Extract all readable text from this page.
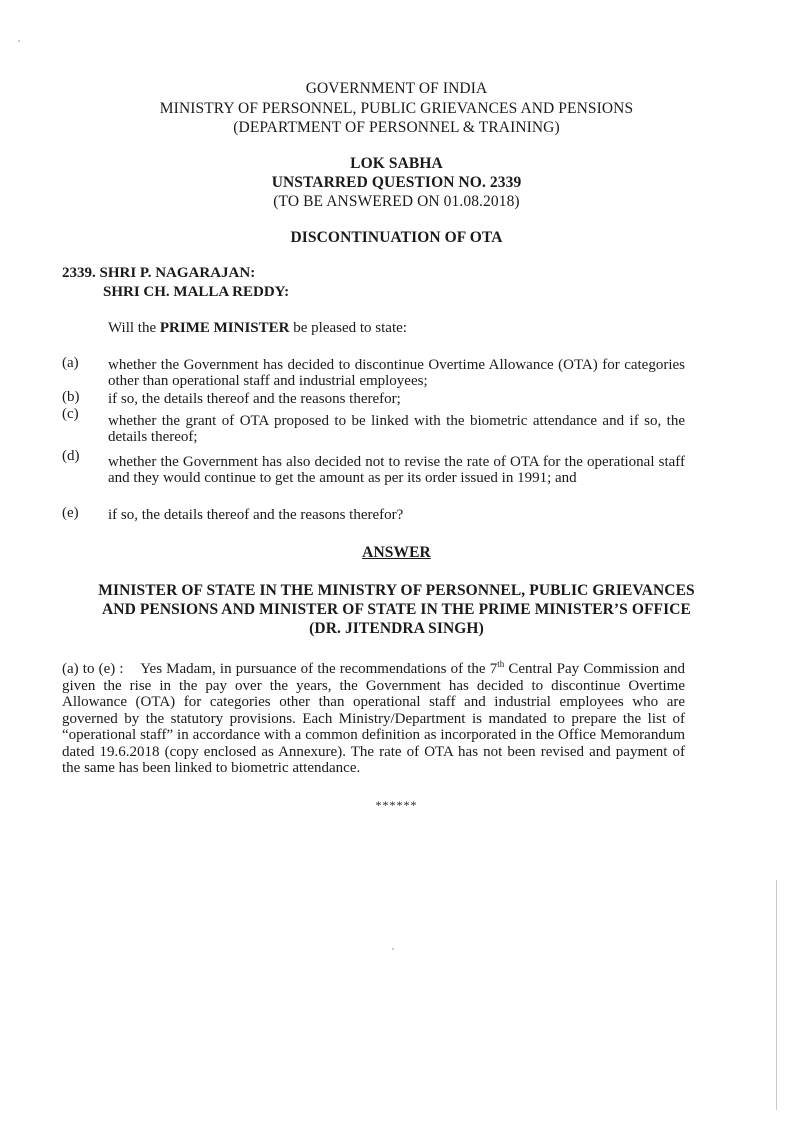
GOVERNMENT OF INDIA
MINISTRY OF PERSONNEL, PUBLIC GRIEVANCES AND PENSIONS
(DEPARTMENT OF PERSONNEL & TRAINING)
LOK SABHA
UNSTARRED QUESTION NO. 2339
(TO BE ANSWERED ON 01.08.2018)
DISCONTINUATION OF OTA
2339. SHRI P. NAGARAJAN:
SHRI CH. MALLA REDDY:
Will the PRIME MINISTER be pleased to state:
(a) whether the Government has decided to discontinue Overtime Allowance (OTA) for categories other than operational staff and industrial employees;
(b) if so, the details thereof and the reasons therefor;
(c) whether the grant of OTA proposed to be linked with the biometric attendance and if so, the details thereof;
(d) whether the Government has also decided not to revise the rate of OTA for the operational staff and they would continue to get the amount as per its order issued in 1991; and
(e) if so, the details thereof and the reasons therefor?
ANSWER
MINISTER OF STATE IN THE MINISTRY OF PERSONNEL, PUBLIC GRIEVANCES
AND PENSIONS AND MINISTER OF STATE IN THE PRIME MINISTER’S OFFICE
(DR. JITENDRA SINGH)
(a) to (e) : Yes Madam, in pursuance of the recommendations of the 7th Central Pay Commission and given the rise in the pay over the years, the Government has decided to discontinue Overtime Allowance (OTA) for categories other than operational staff and industrial employees who are governed by the statutory provisions. Each Ministry/Department is mandated to prepare the list of “operational staff” in accordance with a common definition as incorporated in the Office Memorandum dated 19.6.2018 (copy enclosed as Annexure). The rate of OTA has not been revised and payment of the same has been linked to biometric attendance.
******
